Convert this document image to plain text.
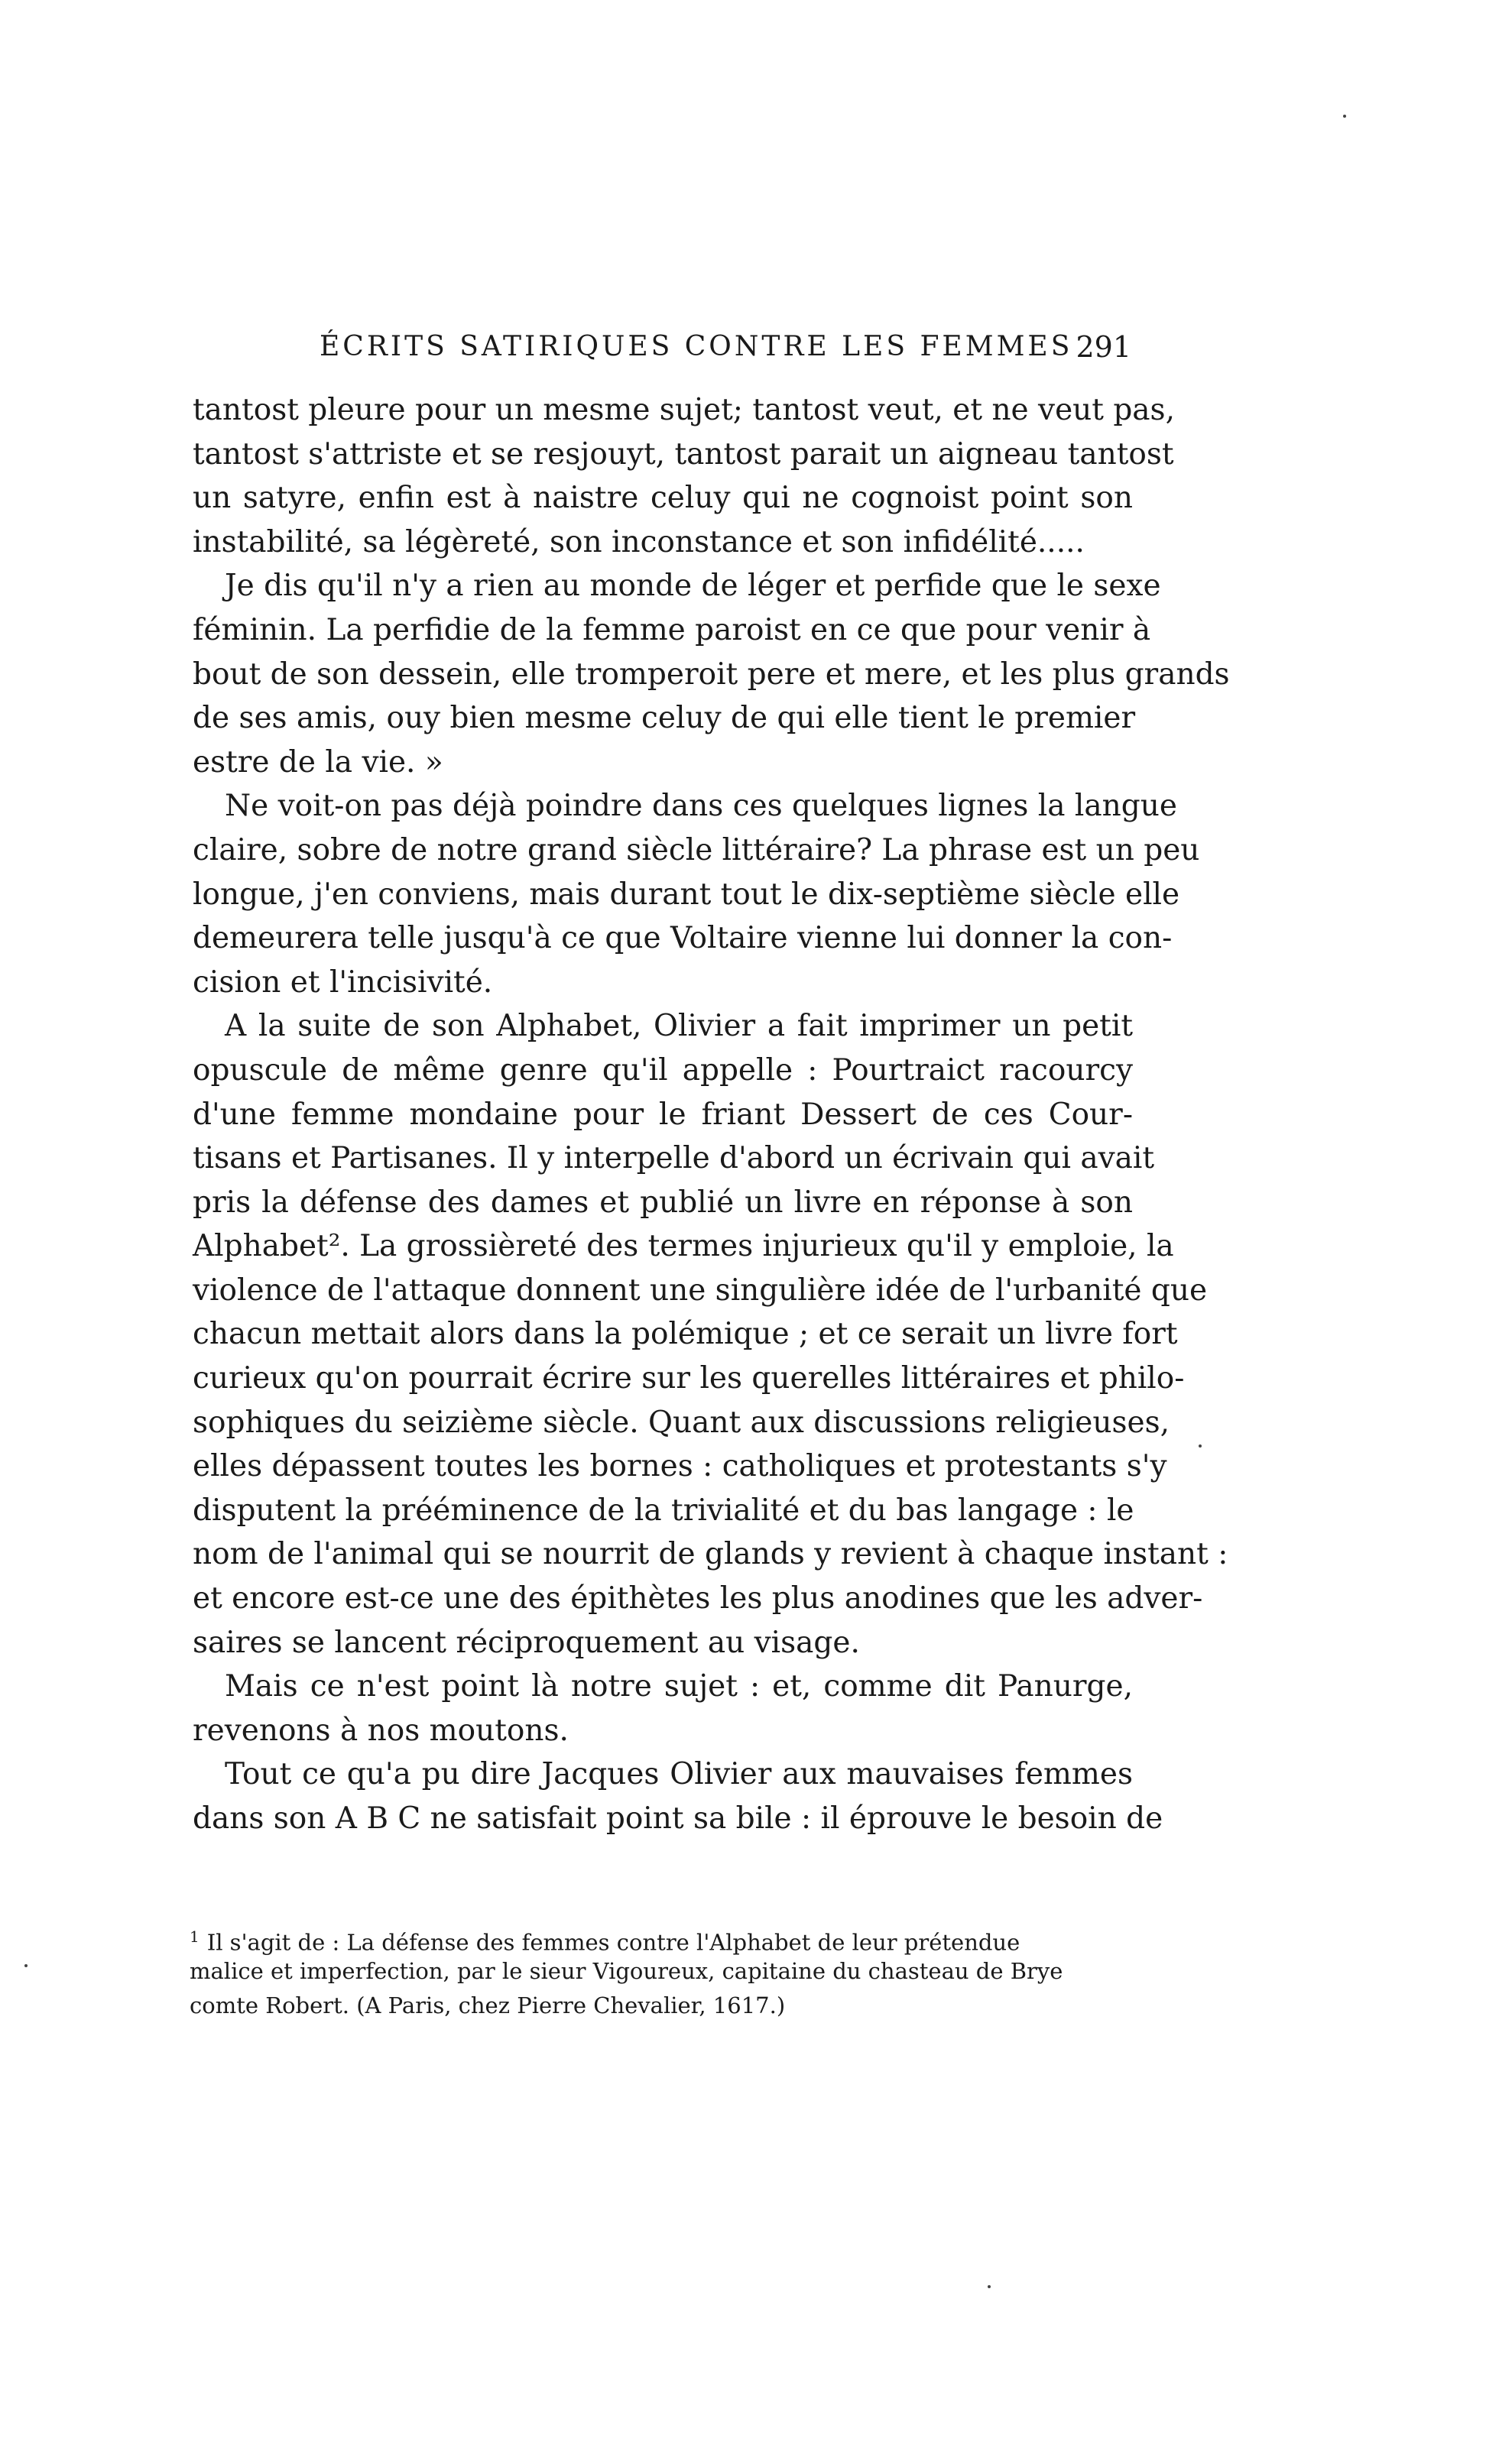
ÉCRITS SATIRIQUES CONTRE LES FEMMES 291
tantost pleure pour un mesme sujet; tantost veut, et ne veut pas,
tantost s'attriste et se resjouyt, tantost parait un aigneau tantost
un satyre, enfin est à naistre celuy qui ne cognoist point son
instabilité, sa légèreté, son inconstance et son infidélité.....
Je dis qu'il n'y a rien au monde de léger et perfide que le sexe
féminin. La perfidie de la femme paroist en ce que pour venir à
bout de son dessein, elle tromperoit pere et mere, et les plus grands
de ses amis, ouy bien mesme celuy de qui elle tient le premier
estre de la vie. »
Ne voit-on pas déjà poindre dans ces quelques lignes la langue
claire, sobre de notre grand siècle littéraire? La phrase est un peu
longue, j'en conviens, mais durant tout le dix-septième siècle elle
demeurera telle jusqu'à ce que Voltaire vienne lui donner la con-
cision et l'incisivité.
A la suite de son Alphabet, Olivier a fait imprimer un petit
opuscule de même genre qu'il appelle : Pourtraict racourcy
d'une femme mondaine pour le friant Dessert de ces Cour-
tisans et Partisanes. Il y interpelle d'abord un écrivain qui avait
pris la défense des dames et publié un livre en réponse à son
Alphabet². La grossièreté des termes injurieux qu'il y emploie, la
violence de l'attaque donnent une singulière idée de l'urbanité que
chacun mettait alors dans la polémique ; et ce serait un livre fort
curieux qu'on pourrait écrire sur les querelles littéraires et philo-
sophiques du seizième siècle. Quant aux discussions religieuses,
elles dépassent toutes les bornes : catholiques et protestants s'y
disputent la prééminence de la trivialité et du bas langage : le
nom de l'animal qui se nourrit de glands y revient à chaque instant :
et encore est-ce une des épithètes les plus anodines que les adver-
saires se lancent réciproquement au visage.
Mais ce n'est point là notre sujet : et, comme dit Panurge,
revenons à nos moutons.
Tout ce qu'a pu dire Jacques Olivier aux mauvaises femmes
dans son A B C ne satisfait point sa bile : il éprouve le besoin de
$^1$ Il s'agit de : La défense des femmes contre l'Alphabet de leur prétendue
malice et imperfection, par le sieur Vigoureux, capitaine du chasteau de Brye
comte Robert. (A Paris, chez Pierre Chevalier, 1617.)
